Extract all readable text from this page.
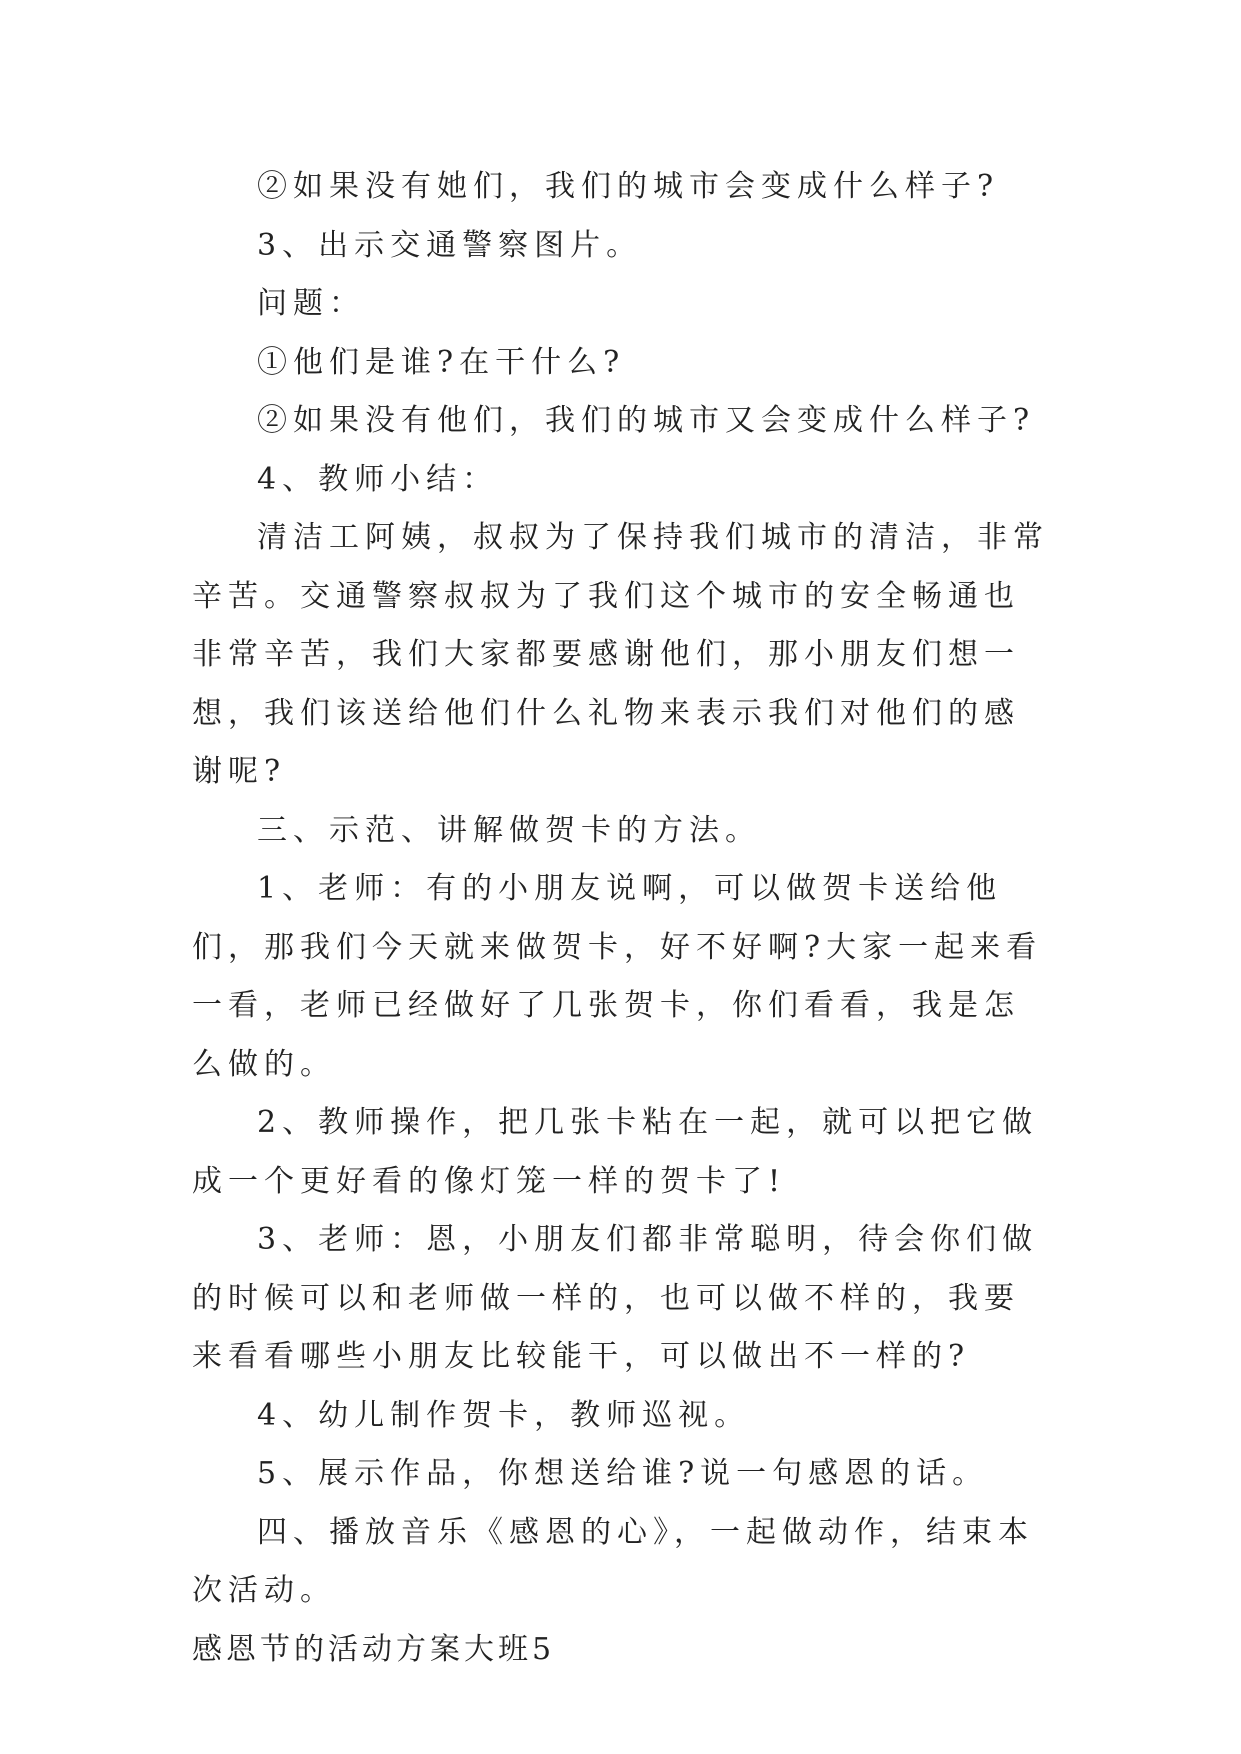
②如果没有她们，我们的城市会变成什么样子?

3、出示交通警察图片。

问题：

①他们是谁?在干什么?

②如果没有他们，我们的城市又会变成什么样子?

4、教师小结：

清洁工阿姨，叔叔为了保持我们城市的清洁，非常辛苦。交通警察叔叔为了我们这个城市的安全畅通也非常辛苦，我们大家都要感谢他们，那小朋友们想一想，我们该送给他们什么礼物来表示我们对他们的感谢呢?

三、示范、讲解做贺卡的方法。

1、老师：有的小朋友说啊，可以做贺卡送给他们，那我们今天就来做贺卡，好不好啊?大家一起来看一看，老师已经做好了几张贺卡，你们看看，我是怎么做的。

2、教师操作，把几张卡粘在一起，就可以把它做成一个更好看的像灯笼一样的贺卡了!

3、老师：恩，小朋友们都非常聪明，待会你们做的时候可以和老师做一样的，也可以做不样的，我要来看看哪些小朋友比较能干，可以做出不一样的?

4、幼儿制作贺卡，教师巡视。

5、展示作品，你想送给谁?说一句感恩的话。

四、播放音乐《感恩的心》，一起做动作，结束本次活动。

感恩节的活动方案大班5
